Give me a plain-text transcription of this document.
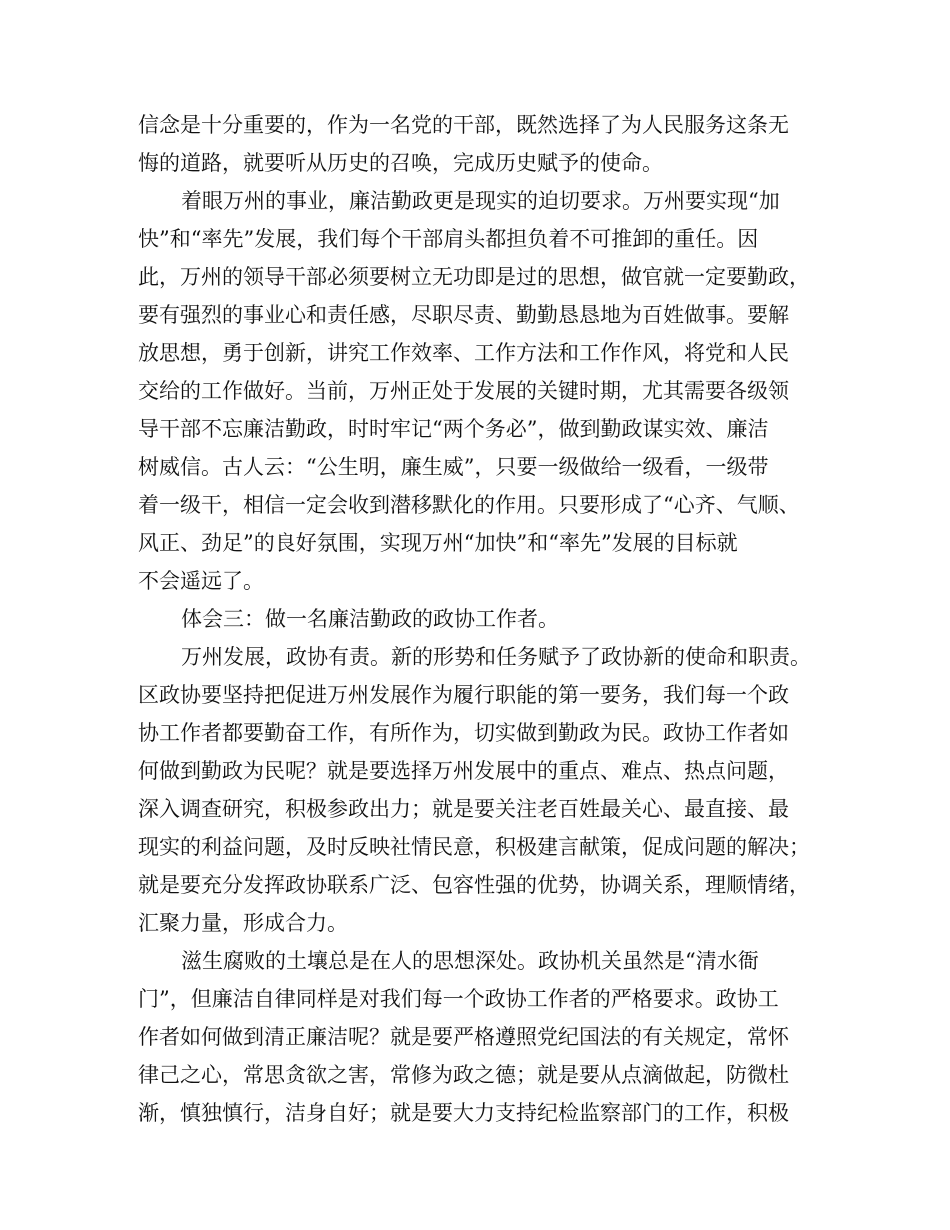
信念是十分重要的，作为一名党的干部，既然选择了为人民服务这条无

悔的道路，就要听从历史的召唤，完成历史赋予的使命。

着眼万州的事业，廉洁勤政更是现实的迫切要求。万州要实现“加

快”和“率先”发展，我们每个干部肩头都担负着不可推卸的重任。因

此，万州的领导干部必须要树立无功即是过的思想，做官就一定要勤政，

要有强烈的事业心和责任感，尽职尽责、勤勤恳恳地为百姓做事。要解

放思想，勇于创新，讲究工作效率、工作方法和工作作风，将党和人民

交给的工作做好。当前，万州正处于发展的关键时期，尤其需要各级领

导干部不忘廉洁勤政，时时牢记“两个务必”，做到勤政谋实效、廉洁

树威信。古人云：“公生明，廉生威”，只要一级做给一级看，一级带

着一级干，相信一定会收到潜移默化的作用。只要形成了“心齐、气顺、

风正、劲足”的良好氛围，实现万州“加快”和“率先”发展的目标就

不会遥远了。

体会三：做一名廉洁勤政的政协工作者。

万州发展，政协有责。新的形势和任务赋予了政协新的使命和职责。

区政协要坚持把促进万州发展作为履行职能的第一要务，我们每一个政

协工作者都要勤奋工作，有所作为，切实做到勤政为民。政协工作者如

何做到勤政为民呢？就是要选择万州发展中的重点、难点、热点问题，

深入调查研究，积极参政出力；就是要关注老百姓最关心、最直接、最

现实的利益问题，及时反映社情民意，积极建言献策，促成问题的解决；

就是要充分发挥政协联系广泛、包容性强的优势，协调关系，理顺情绪，

汇聚力量，形成合力。

滋生腐败的土壤总是在人的思想深处。政协机关虽然是“清水衙

门”，但廉洁自律同样是对我们每一个政协工作者的严格要求。政协工

作者如何做到清正廉洁呢？就是要严格遵照党纪国法的有关规定，常怀

律己之心，常思贪欲之害，常修为政之德；就是要从点滴做起，防微杜

渐，慎独慎行，洁身自好；就是要大力支持纪检监察部门的工作，积极
